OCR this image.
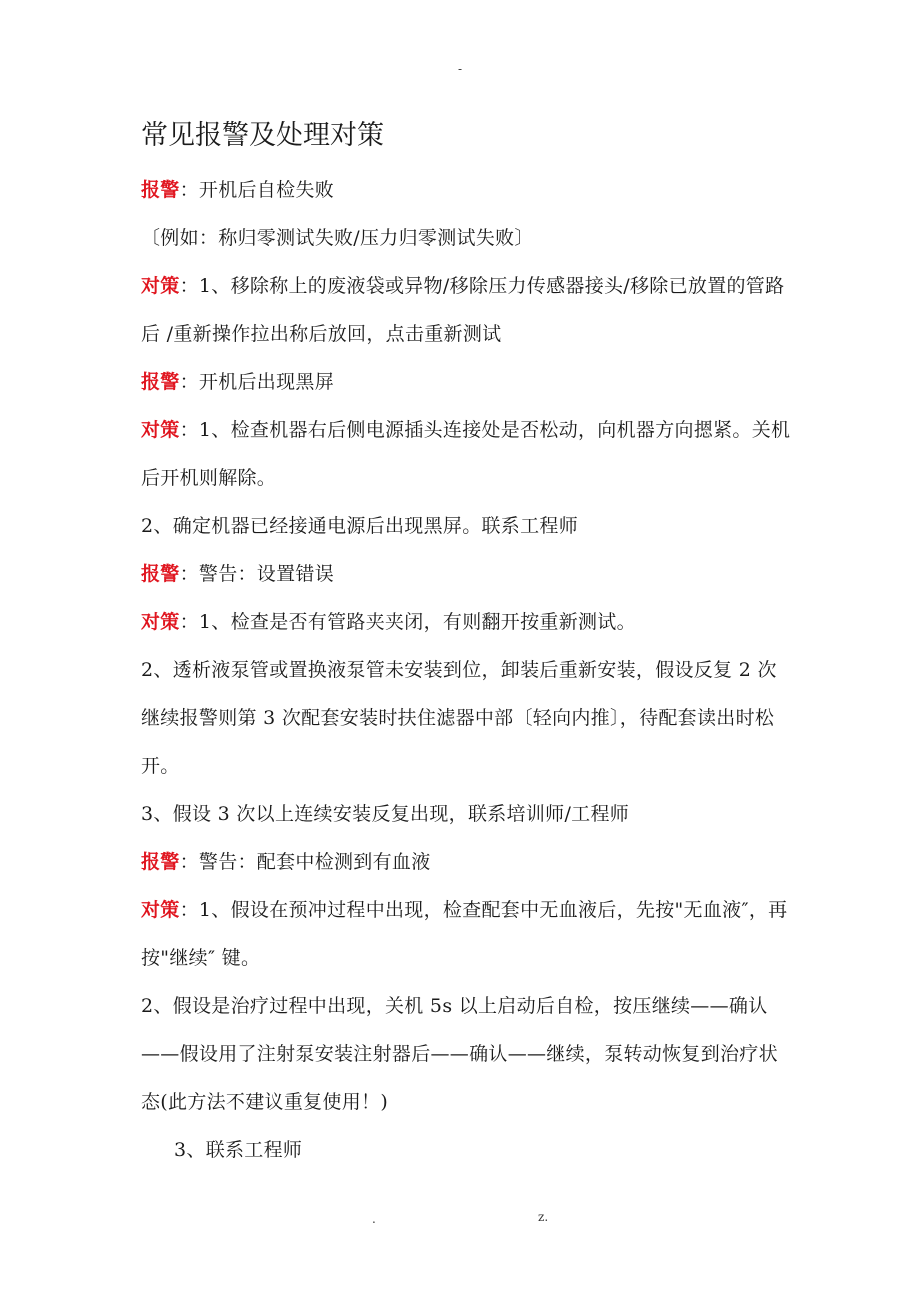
-
常见报警及处理对策

报警：开机后自检失败

〔例如：称归零测试失败/压力归零测试失败〕

对策：1、移除称上的废液袋或异物/移除压力传感器接头/移除已放置的管路后 /重新操作拉出称后放回，点击重新测试

报警：开机后出现黑屏

对策：1、检查机器右后侧电源插头连接处是否松动，向机器方向摁紧。关机后开机则解除。

2、确定机器已经接通电源后出现黑屏。联系工程师

报警：警告：设置错误

对策：1、检查是否有管路夹夹闭，有则翻开按重新测试。

2、透析液泵管或置换液泵管未安装到位，卸装后重新安装，假设反复 2 次继续报警则第 3 次配套安装时扶住滤器中部〔轻向内推〕，待配套读出时松开。

3、假设 3 次以上连续安装反复出现，联系培训师/工程师

报警：警告：配套中检测到有血液

对策：1、假设在预冲过程中出现，检查配套中无血液后，先按"无血液″，再按"继续″ 键。

2、假设是治疗过程中出现，关机 5s 以上启动后自检，按压继续——确认——假设用了注射泵安装注射器后——确认——继续，泵转动恢复到治疗状态(此方法不建议重复使用！)

3、联系工程师

.	z.
